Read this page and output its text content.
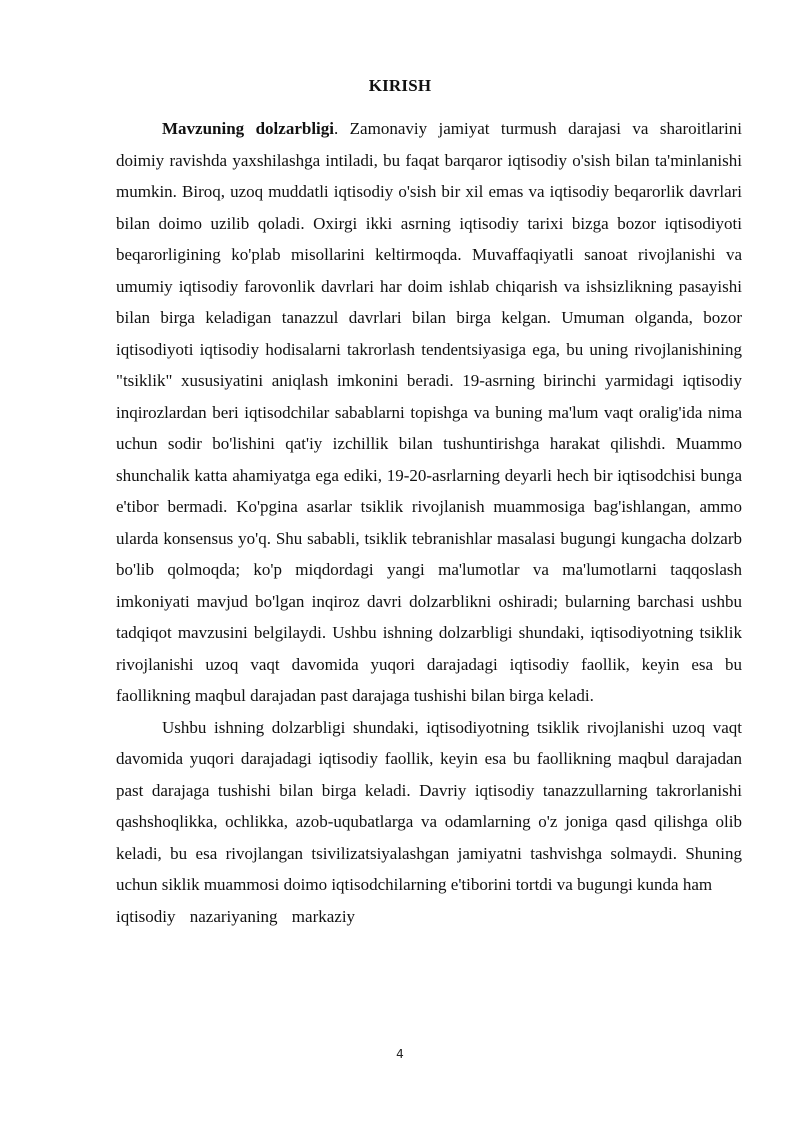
KIRISH

Mavzuning dolzarbligi. Zamonaviy jamiyat turmush darajasi va sharoitlarini doimiy ravishda yaxshilashga intiladi, bu faqat barqaror iqtisodiy o'sish bilan ta'minlanishi mumkin. Biroq, uzoq muddatli iqtisodiy o'sish bir xil emas va iqtisodiy beqarorlik davrlari bilan doimo uzilib qoladi. Oxirgi ikki asrning iqtisodiy tarixi bizga bozor iqtisodiyoti beqarorligining ko'plab misollarini keltirmoqda. Muvaffaqiyatli sanoat rivojlanishi va umumiy iqtisodiy farovonlik davrlari har doim ishlab chiqarish va ishsizlikning pasayishi bilan birga keladigan tanazzul davrlari bilan birga kelgan. Umuman olganda, bozor iqtisodiyoti iqtisodiy hodisalarni takrorlash tendentsiyasiga ega, bu uning rivojlanishining "tsiklik" xususiyatini aniqlash imkonini beradi. 19-asrning birinchi yarmidagi iqtisodiy inqirozlardan beri iqtisodchilar sabablarni topishga va buning ma'lum vaqt oralig'ida nima uchun sodir bo'lishini qat'iy izchillik bilan tushuntirishga harakat qilishdi. Muammo shunchalik katta ahamiyatga ega ediki, 19-20-asrlarning deyarli hech bir iqtisodchisi bunga e'tibor bermadi. Ko'pgina asarlar tsiklik rivojlanish muammosiga bag'ishlangan, ammo ularda konsensus yo'q. Shu sababli, tsiklik tebranishlar masalasi bugungi kungacha dolzarb bo'lib qolmoqda; ko'p miqdordagi yangi ma'lumotlar va ma'lumotlarni taqqoslash imkoniyati mavjud bo'lgan inqiroz davri dolzarblikni oshiradi; bularning barchasi ushbu tadqiqot mavzusini belgilaydi. Ushbu ishning dolzarbligi shundaki, iqtisodiyotning tsiklik rivojlanishi uzoq vaqt davomida yuqori darajadagi iqtisodiy faollik, keyin esa bu faollikning maqbul darajadan past darajaga tushishi bilan birga keladi.

Ushbu ishning dolzarbligi shundaki, iqtisodiyotning tsiklik rivojlanishi uzoq vaqt davomida yuqori darajadagi iqtisodiy faollik, keyin esa bu faollikning maqbul darajadan past darajaga tushishi bilan birga keladi. Davriy iqtisodiy tanazzullarning takrorlanishi qashshoqlikka, ochlikka, azob-uqubatlarga va odamlarning o'z joniga qasd qilishga olib keladi, bu esa rivojlangan tsivilizatsiyalashgan jamiyatni tashvishga solmaydi. Shuning uchun siklik muammosi doimo iqtisodchilarning e'tiborini tortdi va bugungi kunda ham

iqtisodiy nazariyaning markaziy

4
